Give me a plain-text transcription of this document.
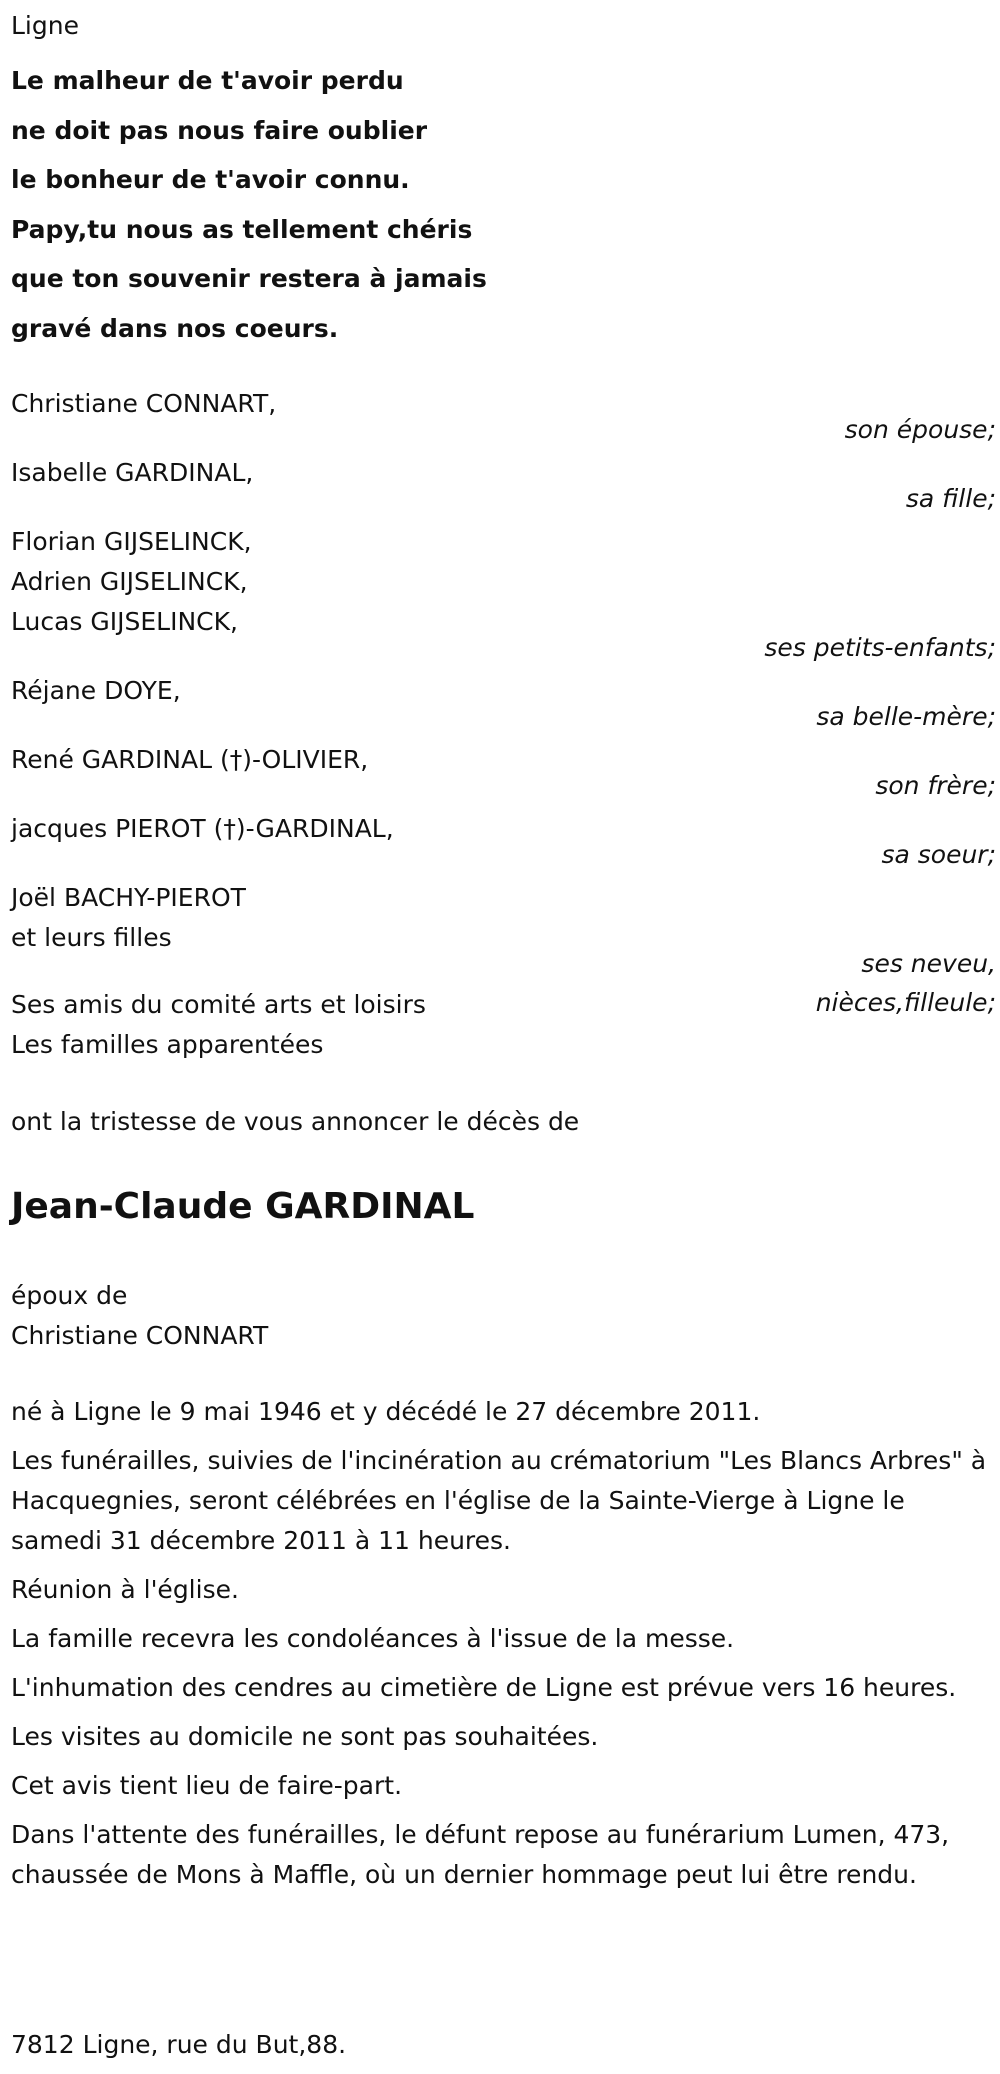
Ligne
Le malheur de t'avoir perdu
ne doit pas nous faire oublier
le bonheur de t'avoir connu.
Papy,tu nous as tellement chéris
que ton souvenir restera à jamais
gravé dans nos coeurs.
Christiane CONNART,
son épouse;
Isabelle GARDINAL,
sa fille;
Florian GIJSELINCK,
Adrien GIJSELINCK,
Lucas GIJSELINCK,
ses petits-enfants;
Réjane DOYE,
sa belle-mère;
René GARDINAL (†)-OLIVIER,
son frère;
jacques PIEROT (†)-GARDINAL,
sa soeur;
Joël BACHY-PIEROT
et leurs filles
ses neveu,
nièces,filleule;
Ses amis du comité arts et loisirs
Les familles apparentées
ont la tristesse de vous annoncer le décès de
Jean-Claude GARDINAL
époux de
Christiane CONNART

né à Ligne le 9 mai 1946 et y décédé le 27 décembre 2011.

Les funérailles, suivies de l'incinération au crématorium "Les Blancs Arbres" à Hacquegnies, seront célébrées en l'église de la Sainte-Vierge à Ligne le samedi 31 décembre 2011 à 11 heures.

Réunion à l'église.

La famille recevra les condoléances à l'issue de la messe.

L'inhumation des cendres au cimetière de Ligne est prévue vers 16 heures.

Les visites au domicile ne sont pas souhaitées.

Cet avis tient lieu de faire-part.

Dans l'attente des funérailles, le défunt repose au funérarium Lumen, 473, chaussée de Mons à Maffle, où un dernier hommage peut lui être rendu.

7812 Ligne, rue du But,88.
